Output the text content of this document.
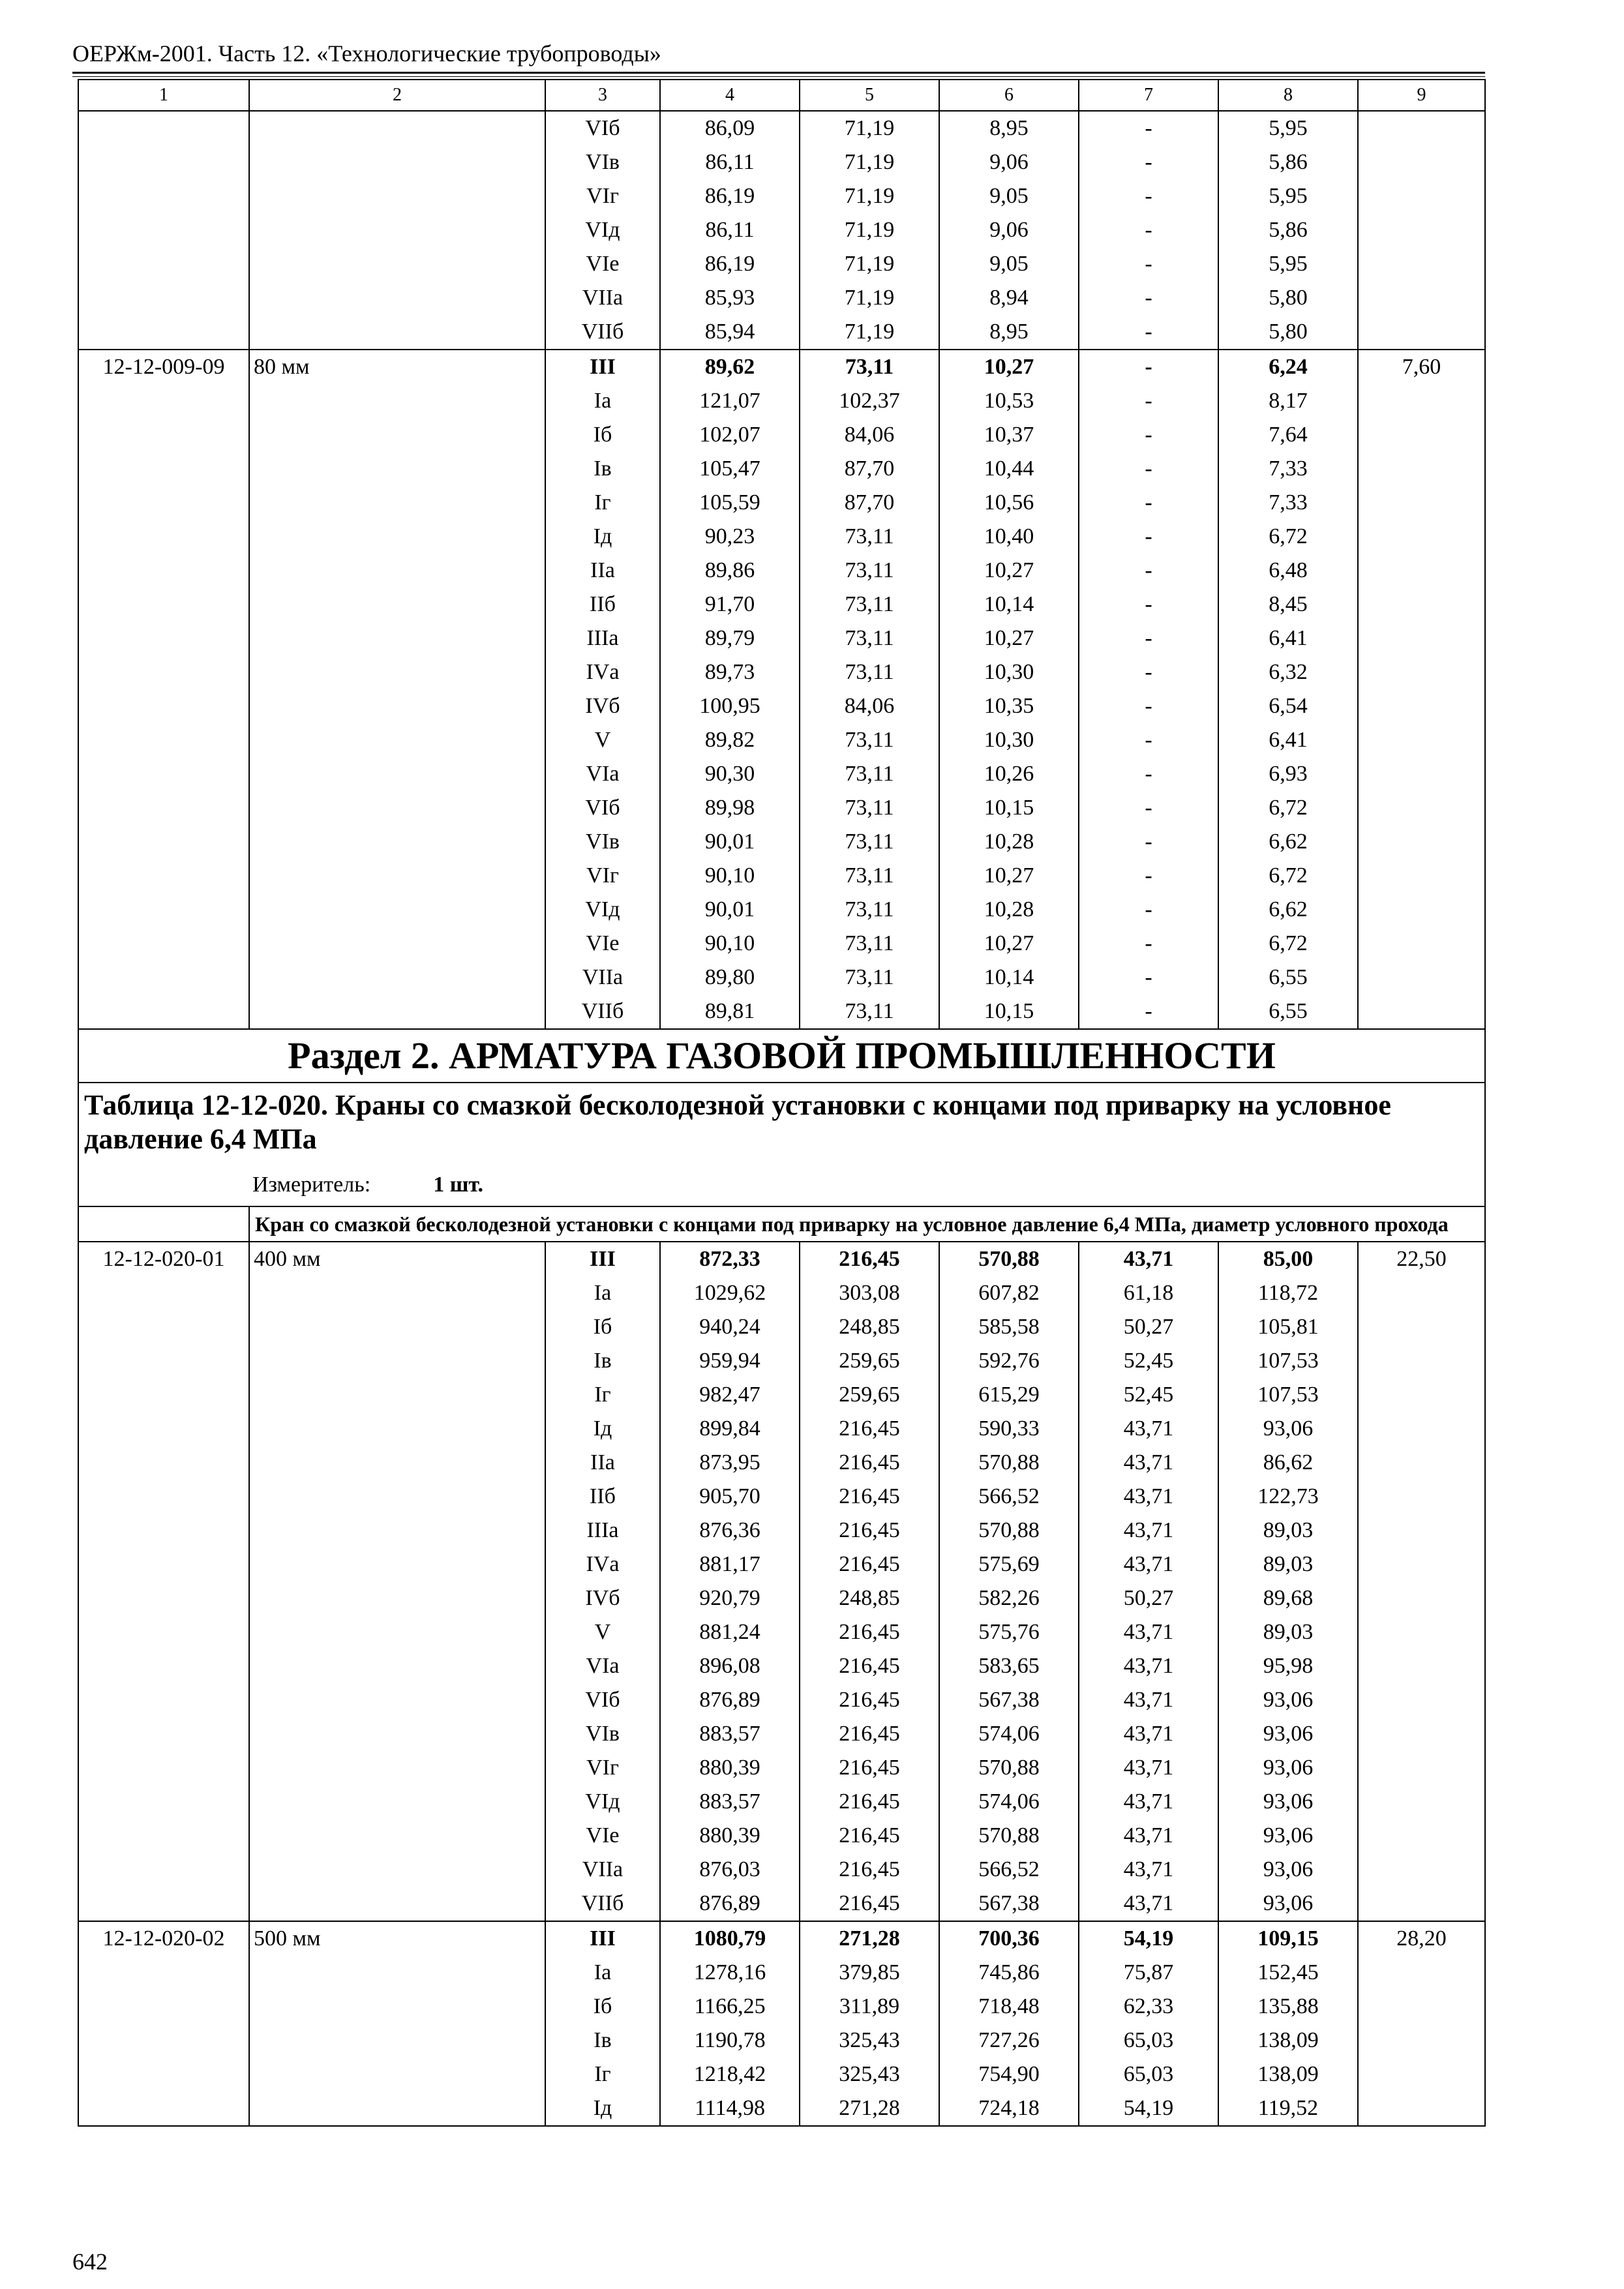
ОЕРЖм-2001. Часть 12. «Технологические трубопроводы»
1	2	3	4	5	6	7	8	9
		VIб	86,09	71,19	8,95	-	5,95	
		VIв	86,11	71,19	9,06	-	5,86	
		VIг	86,19	71,19	9,05	-	5,95	
		VIд	86,11	71,19	9,06	-	5,86	
		VIе	86,19	71,19	9,05	-	5,95	
		VIIа	85,93	71,19	8,94	-	5,80	
		VIIб	85,94	71,19	8,95	-	5,80	
12-12-009-09	80 мм	III	89,62	73,11	10,27	-	6,24	7,60
		Iа	121,07	102,37	10,53	-	8,17	
		Iб	102,07	84,06	10,37	-	7,64	
		Iв	105,47	87,70	10,44	-	7,33	
		Iг	105,59	87,70	10,56	-	7,33	
		Iд	90,23	73,11	10,40	-	6,72	
		IIа	89,86	73,11	10,27	-	6,48	
		IIб	91,70	73,11	10,14	-	8,45	
		IIIа	89,79	73,11	10,27	-	6,41	
		IVа	89,73	73,11	10,30	-	6,32	
		IVб	100,95	84,06	10,35	-	6,54	
		V	89,82	73,11	10,30	-	6,41	
		VIа	90,30	73,11	10,26	-	6,93	
		VIб	89,98	73,11	10,15	-	6,72	
		VIв	90,01	73,11	10,28	-	6,62	
		VIг	90,10	73,11	10,27	-	6,72	
		VIд	90,01	73,11	10,28	-	6,62	
		VIе	90,10	73,11	10,27	-	6,72	
		VIIа	89,80	73,11	10,14	-	6,55	
		VIIб	89,81	73,11	10,15	-	6,55	
Раздел 2. АРМАТУРА ГАЗОВОЙ ПРОМЫШЛЕННОСТИ								
Таблица 12-12-020. Краны со смазкой бесколодезной установки с концами под приварку на условное давление 6,4 МПа								
Измеритель: 1 шт.								
	Кран со смазкой бесколодезной установки с концами под приварку на условное давление 6,4 МПа, диаметр условного прохода							
12-12-020-01	400 мм	III	872,33	216,45	570,88	43,71	85,00	22,50
		Iа	1029,62	303,08	607,82	61,18	118,72	
		Iб	940,24	248,85	585,58	50,27	105,81	
		Iв	959,94	259,65	592,76	52,45	107,53	
		Iг	982,47	259,65	615,29	52,45	107,53	
		Iд	899,84	216,45	590,33	43,71	93,06	
		IIа	873,95	216,45	570,88	43,71	86,62	
		IIб	905,70	216,45	566,52	43,71	122,73	
		IIIа	876,36	216,45	570,88	43,71	89,03	
		IVа	881,17	216,45	575,69	43,71	89,03	
		IVб	920,79	248,85	582,26	50,27	89,68	
		V	881,24	216,45	575,76	43,71	89,03	
		VIа	896,08	216,45	583,65	43,71	95,98	
		VIб	876,89	216,45	567,38	43,71	93,06	
		VIв	883,57	216,45	574,06	43,71	93,06	
		VIг	880,39	216,45	570,88	43,71	93,06	
		VIд	883,57	216,45	574,06	43,71	93,06	
		VIе	880,39	216,45	570,88	43,71	93,06	
		VIIа	876,03	216,45	566,52	43,71	93,06	
		VIIб	876,89	216,45	567,38	43,71	93,06	
12-12-020-02	500 мм	III	1080,79	271,28	700,36	54,19	109,15	28,20
		Iа	1278,16	379,85	745,86	75,87	152,45	
		Iб	1166,25	311,89	718,48	62,33	135,88	
		Iв	1190,78	325,43	727,26	65,03	138,09	
		Iг	1218,42	325,43	754,90	65,03	138,09	
		Iд	1114,98	271,28	724,18	54,19	119,52	
642
